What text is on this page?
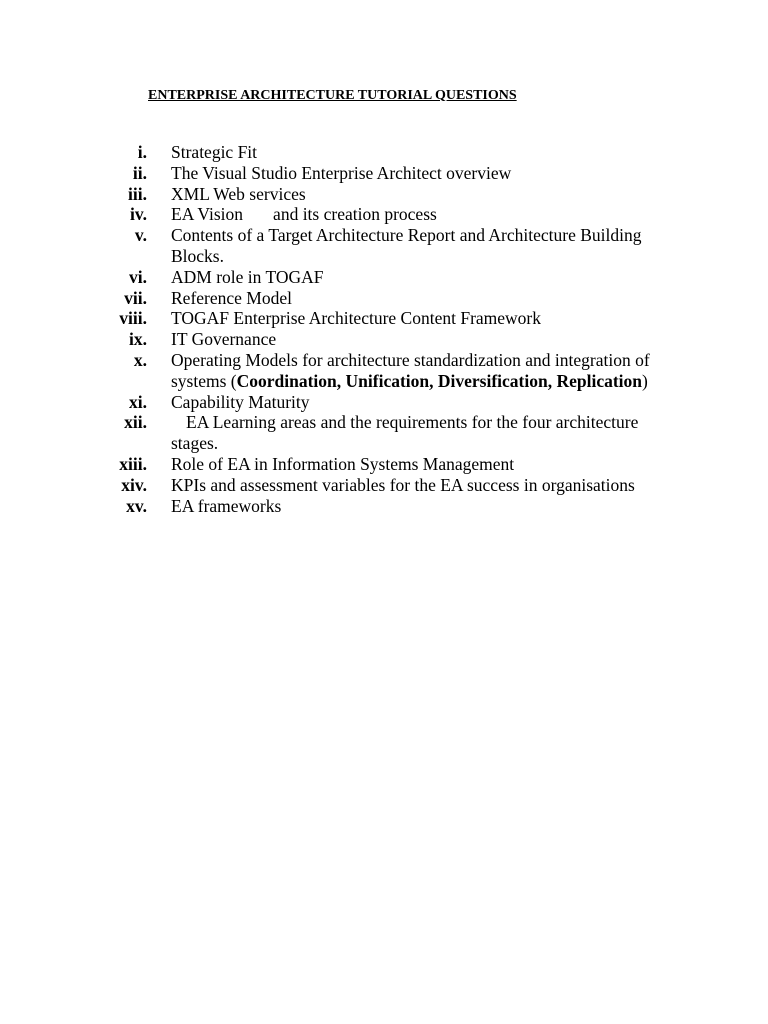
ENTERPRISE ARCHITECTURE TUTORIAL QUESTIONS
i. Strategic Fit
ii. The Visual Studio Enterprise Architect overview
iii. XML Web services
iv. EA Vision and its creation process
v. Contents of a Target Architecture Report and Architecture Building Blocks.
vi. ADM role in TOGAF
vii. Reference Model
viii. TOGAF Enterprise Architecture Content Framework
ix. IT Governance
x. Operating Models for architecture standardization and integration of systems (Coordination, Unification, Diversification, Replication)
xi. Capability Maturity
xii.	EA Learning areas and the requirements for the four architecture stages.
xiii. Role of EA in Information Systems Management
xiv. KPIs and assessment variables for the EA success in organisations
xv. EA frameworks
